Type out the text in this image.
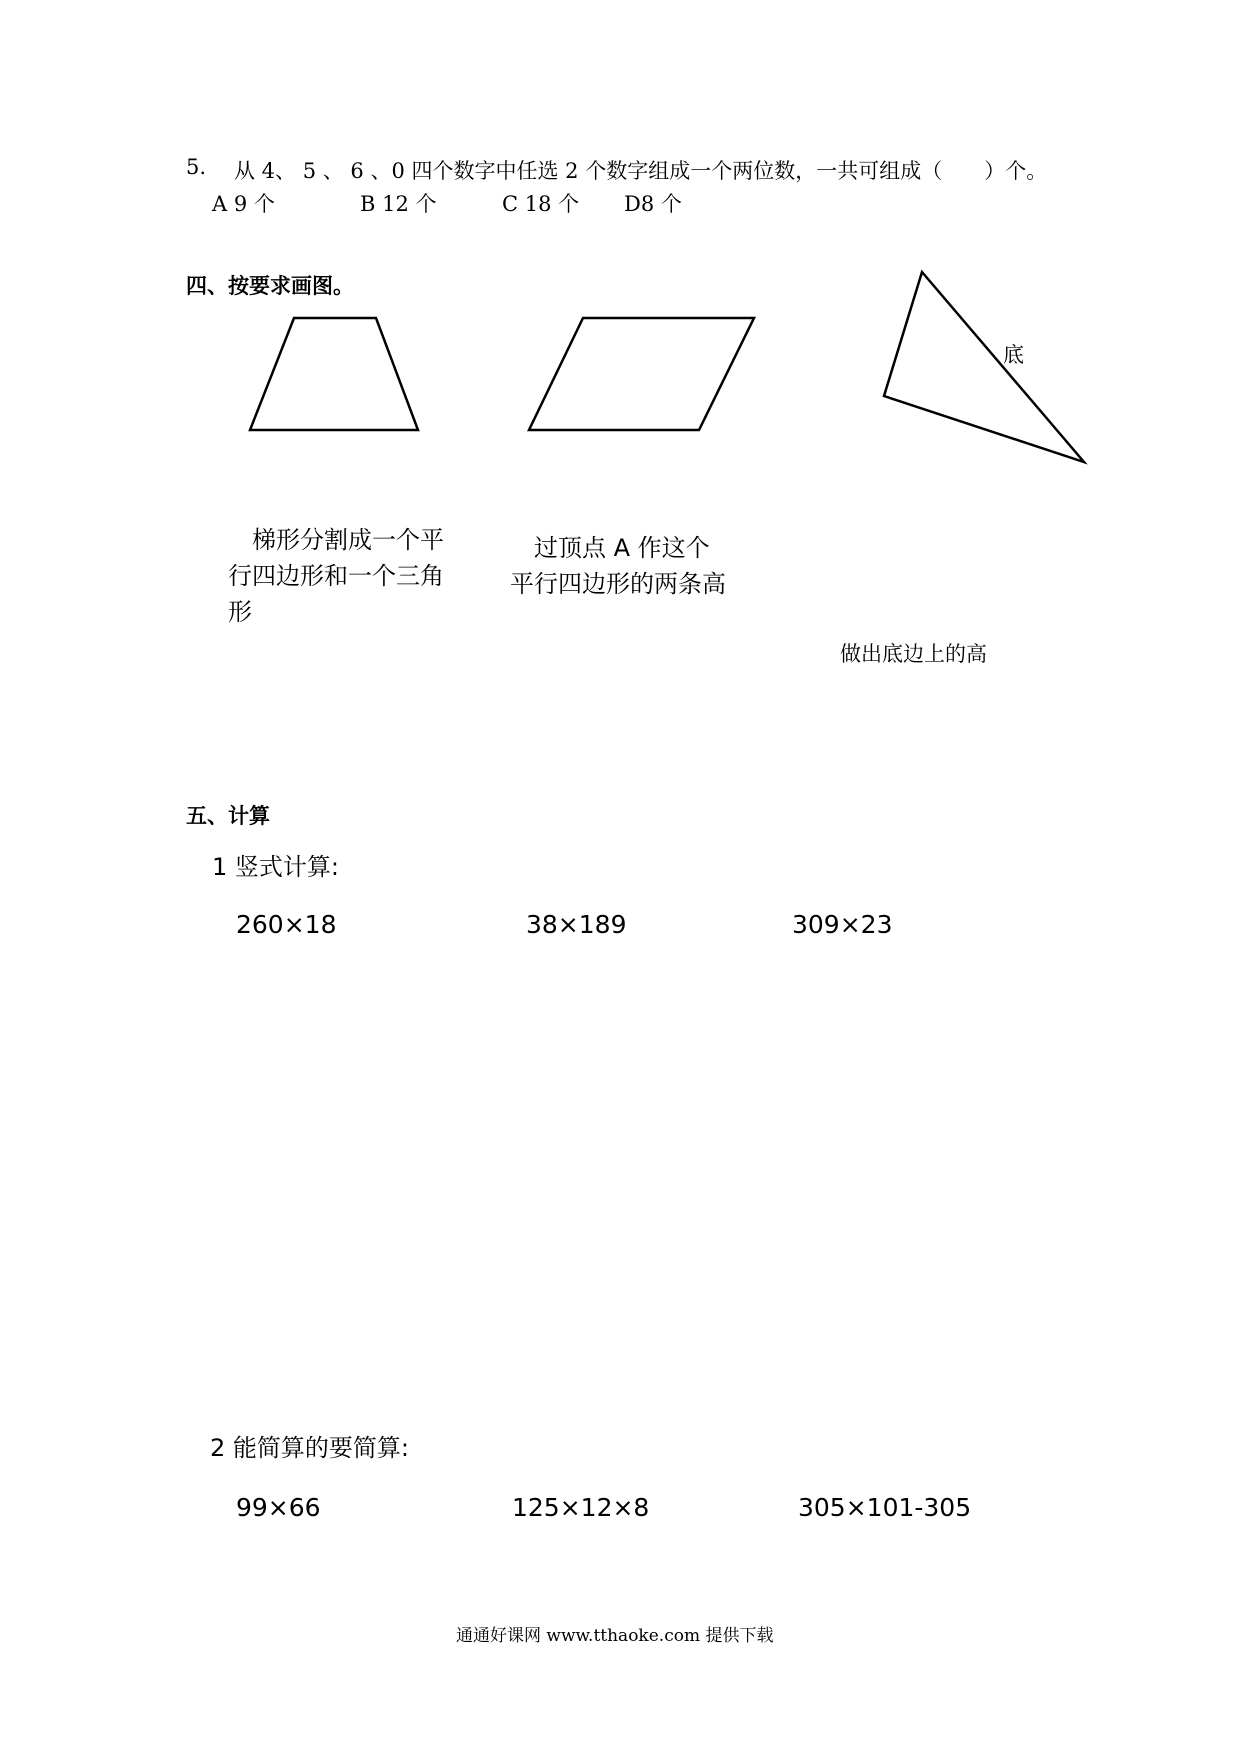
5. 从 4、 5 、 6 、0 四个数字中任选 2 个数字组成一个两位数，一共可组成（　　）个。
A 9 个	B 12 个	C 18 个 D8 个
四、按要求画图。
底
　梯形分割成一个平行四边形和一个三角形
　过顶点 A 作这个平行四边形的两条高
做出底边上的高
五、计算
1 竖式计算:
260×18	38×189	309×23
2 能简算的要简算:
99×66	125×12×8	305×101-305
通通好课网 www.tthaoke.com 提供下载
